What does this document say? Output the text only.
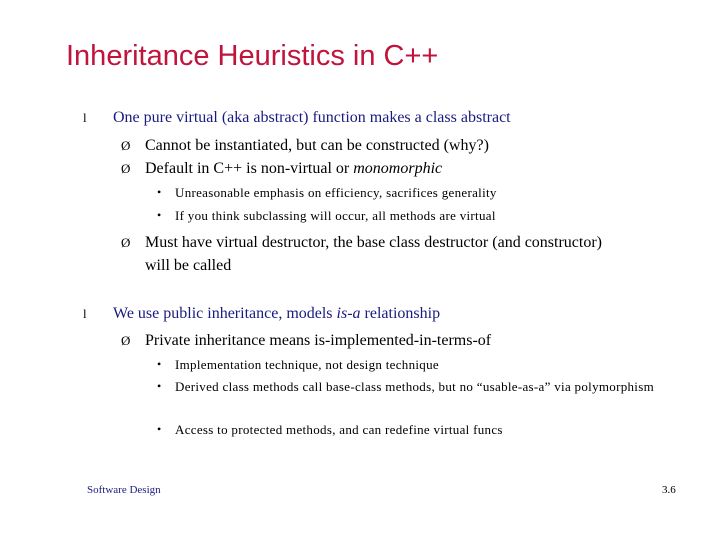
Inheritance Heuristics in C++
l One pure virtual (aka abstract) function makes a class abstract
Ø Cannot be instantiated, but can be constructed (why?)
Ø Default in C++ is non-virtual or monomorphic
• Unreasonable emphasis on efficiency, sacrifices generality
• If you think subclassing will occur, all methods are virtual
Ø Must have virtual destructor, the base class destructor (and constructor) will be called
l We use public inheritance, models is-a relationship
Ø Private inheritance means is-implemented-in-terms-of
• Implementation technique, not design technique
• Derived class methods call base-class methods, but no “usable-as-a” via polymorphism
• Access to protected methods, and can redefine virtual funcs
Software Design	3.6
